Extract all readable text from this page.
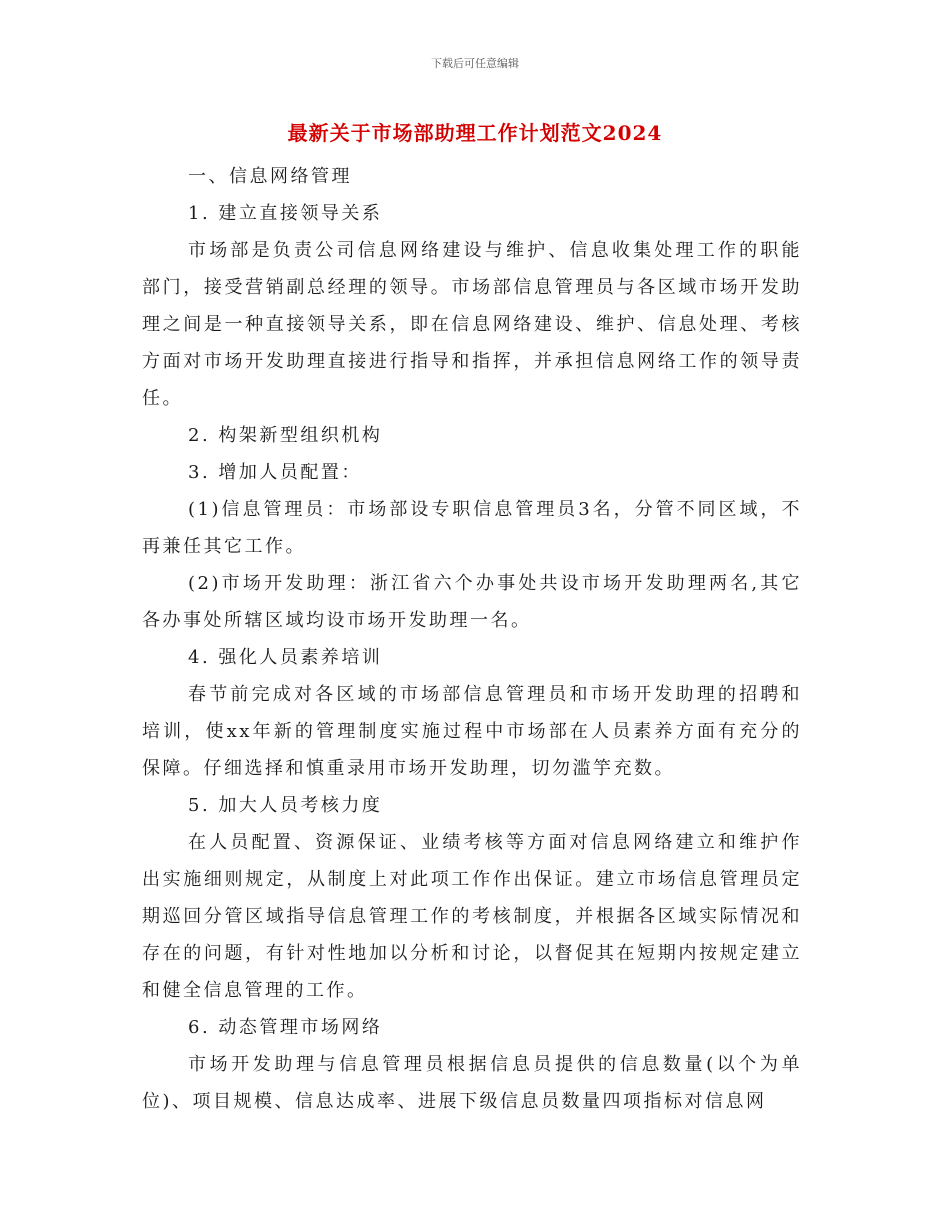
下载后可任意编辑
最新关于市场部助理工作计划范文2024

一、信息网络管理

1. 建立直接领导关系

市场部是负责公司信息网络建设与维护、信息收集处理工作的职能部门，接受营销副总经理的领导。市场部信息管理员与各区域市场开发助理之间是一种直接领导关系，即在信息网络建设、维护、信息处理、考核方面对市场开发助理直接进行指导和指挥，并承担信息网络工作的领导责任。

2. 构架新型组织机构

3. 增加人员配置：

(1)信息管理员：市场部设专职信息管理员3名，分管不同区域，不再兼任其它工作。

(2)市场开发助理：浙江省六个办事处共设市场开发助理两名,其它各办事处所辖区域均设市场开发助理一名。

4. 强化人员素养培训

春节前完成对各区域的市场部信息管理员和市场开发助理的招聘和培训，使xx年新的管理制度实施过程中市场部在人员素养方面有充分的保障。仔细选择和慎重录用市场开发助理，切勿滥竽充数。

5. 加大人员考核力度

在人员配置、资源保证、业绩考核等方面对信息网络建立和维护作出实施细则规定，从制度上对此项工作作出保证。建立市场信息管理员定期巡回分管区域指导信息管理工作的考核制度，并根据各区域实际情况和存在的问题，有针对性地加以分析和讨论，以督促其在短期内按规定建立和健全信息管理的工作。

6. 动态管理市场网络

市场开发助理与信息管理员根据信息员提供的信息数量(以个为单位)、项目规模、信息达成率、进展下级信息员数量四项指标对信息网
